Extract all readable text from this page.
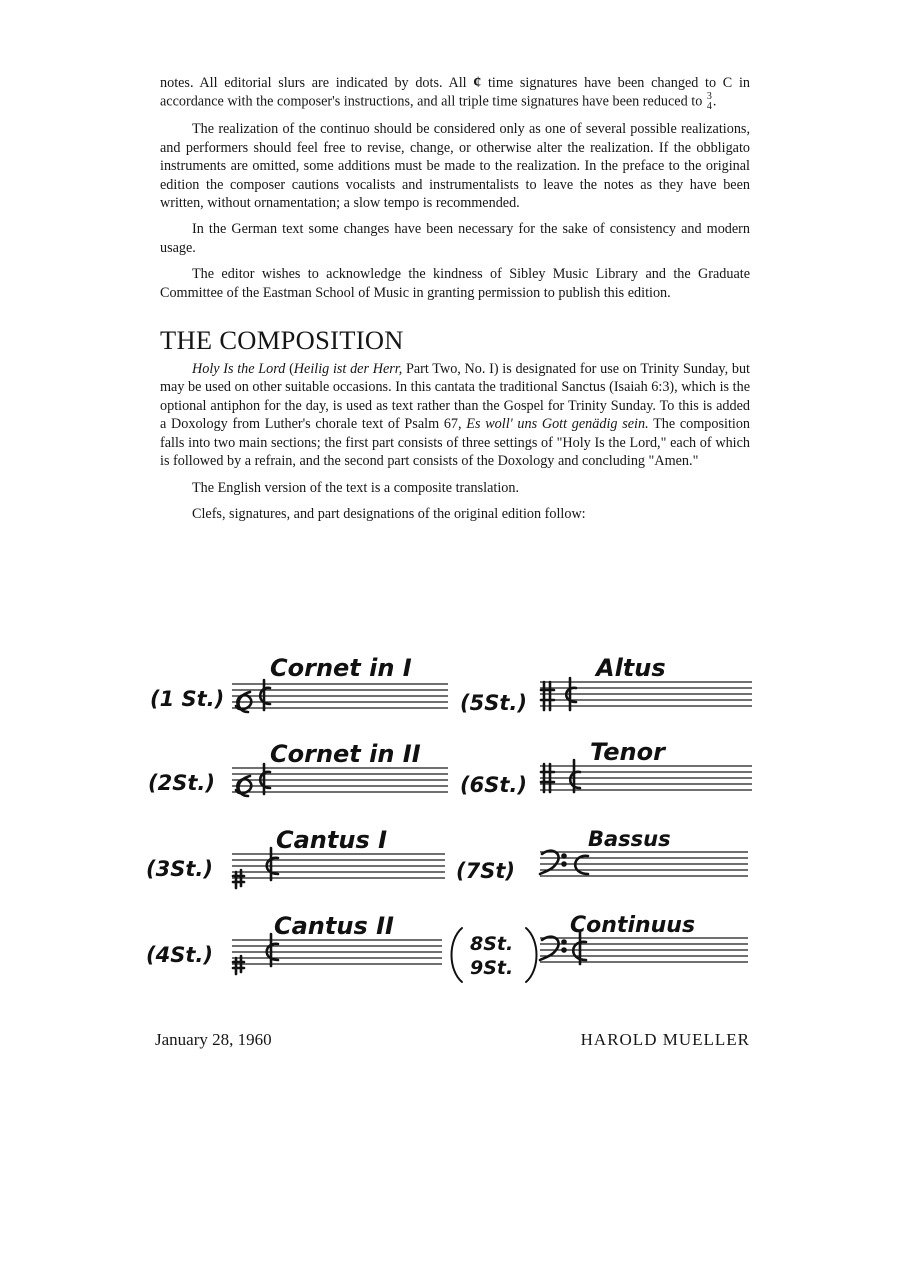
notes. All editorial slurs are indicated by dots. All ¢ time signatures have been changed to C in accordance with the composer's instructions, and all triple time signatures have been reduced to 3
4 .

The realization of the continuo should be considered only as one of several possible realizations, and performers should feel free to revise, change, or otherwise alter the realization. If the obbligato instruments are omitted, some additions must be made to the realization. In the preface to the original edition the composer cautions vocalists and instrumentalists to leave the notes as they have been written, without ornamentation; a slow tempo is recommended.

In the German text some changes have been necessary for the sake of consistency and modern usage.

The editor wishes to acknowledge the kindness of Sibley Music Library and the Graduate Committee of the Eastman School of Music in granting permission to publish this edition.

THE COMPOSITION

Holy Is the Lord (Heilig ist der Herr, Part Two, No. I) is designated for use on Trinity Sunday, but may be used on other suitable occasions. In this cantata the traditional Sanctus (Isaiah 6:3), which is the optional antiphon for the day, is used as text rather than the Gospel for Trinity Sunday. To this is added a Doxology from Luther's chorale text of Psalm 67, Es woll' uns Gott genädig sein. The composition falls into two main sections; the first part consists of three settings of "Holy Is the Lord," each of which is followed by a refrain, and the second part consists of the Doxology and concluding "Amen."

The English version of the text is a composite translation.

Clefs, signatures, and part designations of the original edition follow:

(1 St.)
(2St.)
(3St.)
(4St.)
(5St.)
(6St.)
(7St)
8St.
9St.
Cornet in I
Cornet in II
Cantus I
Cantus II
Altus
Tenor
Bassus
Continuus
January 28, 1960	HAROLD MUELLER
